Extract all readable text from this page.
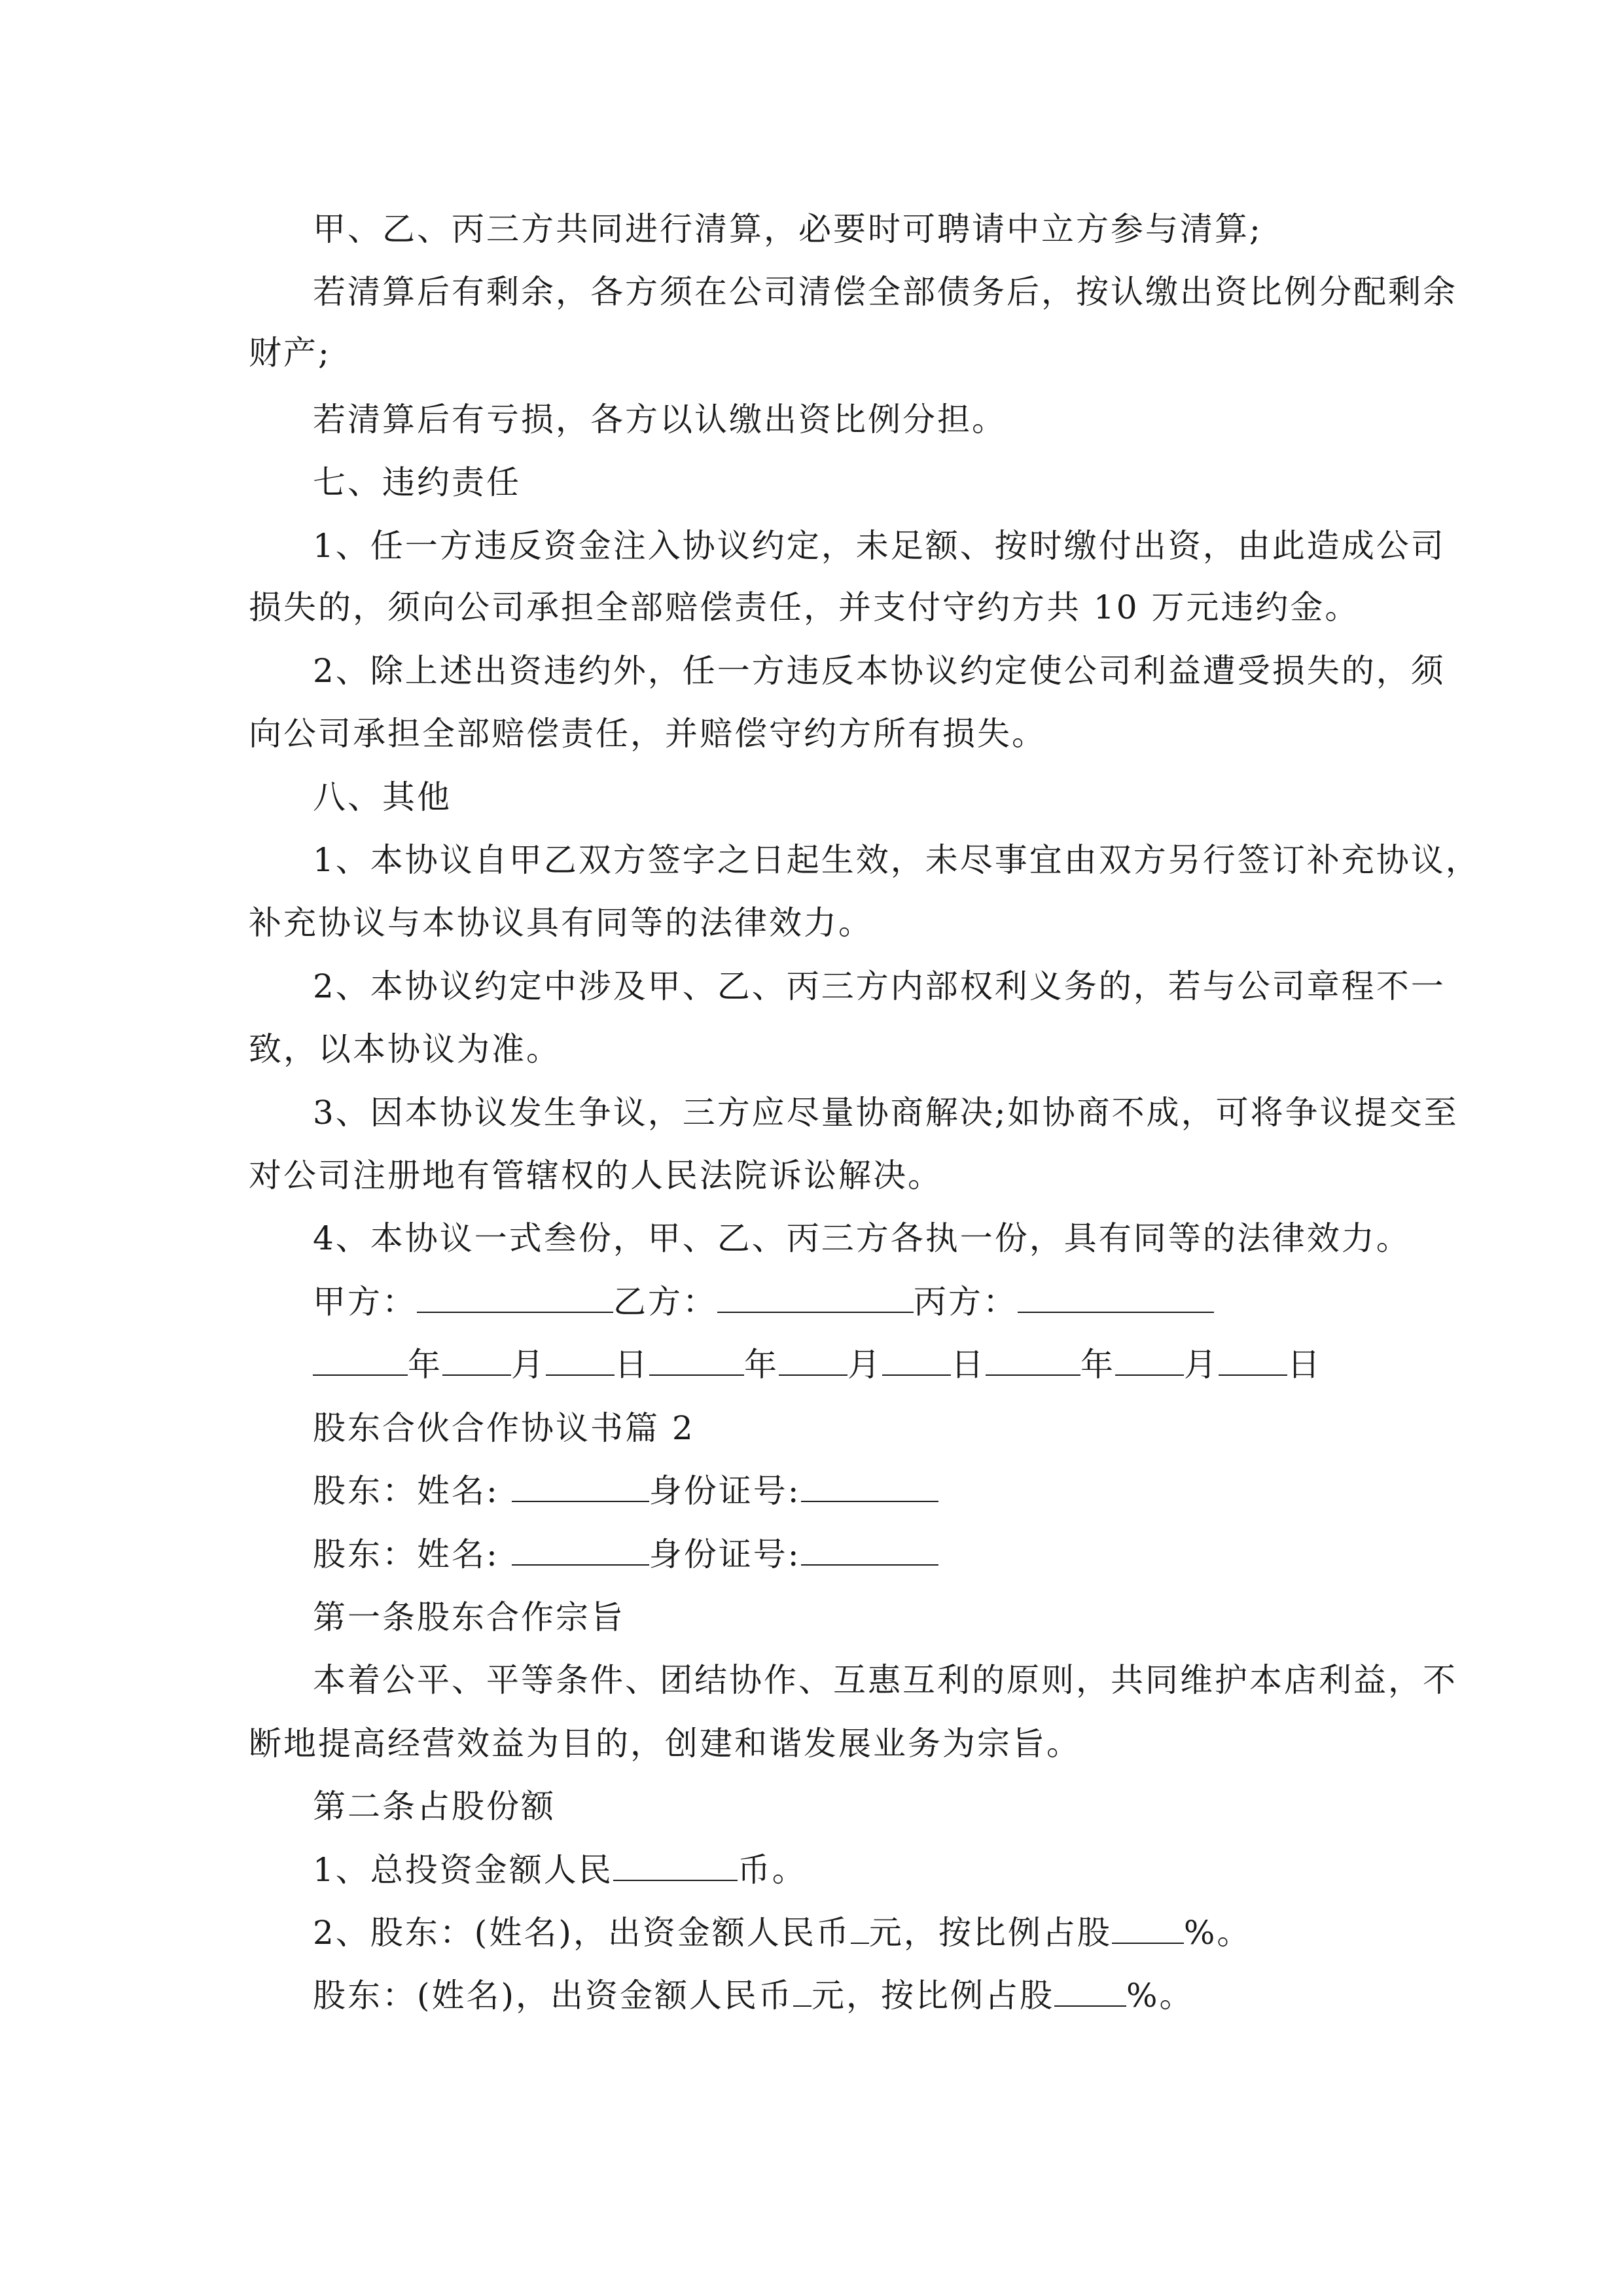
甲、乙、丙三方共同进行清算，必要时可聘请中立方参与清算;
若清算后有剩余，各方须在公司清偿全部债务后，按认缴出资比例分配剩余
财产;
若清算后有亏损，各方以认缴出资比例分担。
七、违约责任
1、任一方违反资金注入协议约定，未足额、按时缴付出资，由此造成公司
损失的，须向公司承担全部赔偿责任，并支付守约方共 10 万元违约金。
2、除上述出资违约外，任一方违反本协议约定使公司利益遭受损失的，须
向公司承担全部赔偿责任，并赔偿守约方所有损失。
八、其他
1、本协议自甲乙双方签字之日起生效，未尽事宜由双方另行签订补充协议，
补充协议与本协议具有同等的法律效力。
2、本协议约定中涉及甲、乙、丙三方内部权利义务的，若与公司章程不一
致，以本协议为准。
3、因本协议发生争议，三方应尽量协商解决;如协商不成，可将争议提交至
对公司注册地有管辖权的人民法院诉讼解决。
4、本协议一式叁份，甲、乙、丙三方各执一份，具有同等的法律效力。
甲方：	乙方：	丙方：
年 月 日	年 月 日	年 月 日
股东合伙合作协议书篇 2
股东：姓名:	身份证号:
股东：姓名:	身份证号:
第一条股东合作宗旨
本着公平、平等条件、团结协作、互惠互利的原则，共同维护本店利益，不
断地提高经营效益为目的，创建和谐发展业务为宗旨。
第二条占股份额
1、总投资金额人民	币。
2、股东：(姓名)，出资金额人民币 元，按比例占股 %。
股东：(姓名)，出资金额人民币 元，按比例占股 %。
